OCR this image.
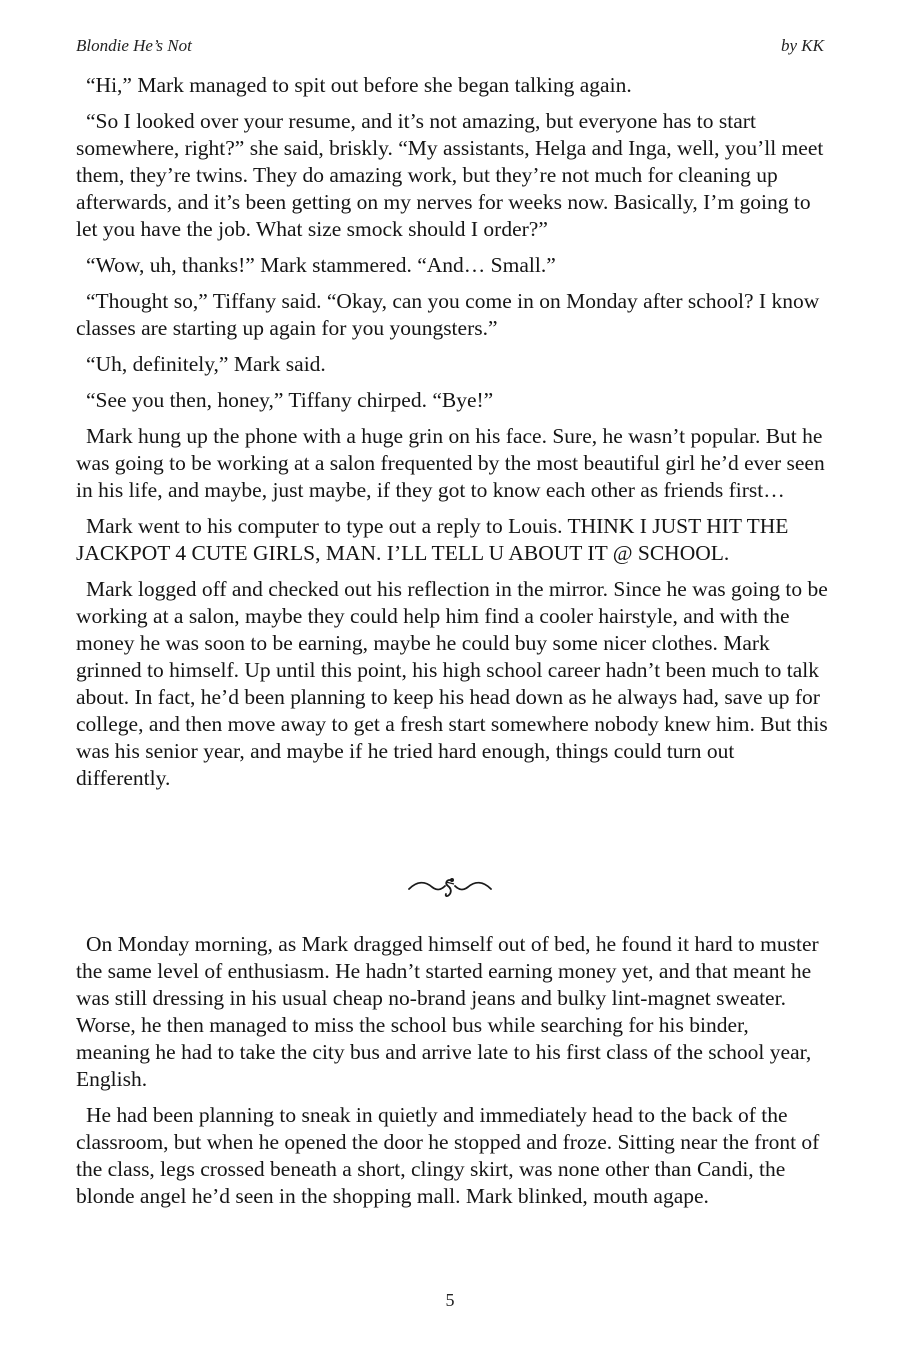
Blondie He’s Not	by KK

“Hi,” Mark managed to spit out before she began talking again.

“So I looked over your resume, and it’s not amazing, but everyone has to start somewhere, right?” she said, briskly. “My assistants, Helga and Inga, well, you’ll meet them, they’re twins. They do amazing work, but they’re not much for cleaning up afterwards, and it’s been getting on my nerves for weeks now. Basically, I’m going to let you have the job. What size smock should I order?”

“Wow, uh, thanks!” Mark stammered. “And… Small.”

“Thought so,” Tiffany said. “Okay, can you come in on Monday after school? I know classes are starting up again for you youngsters.”

“Uh, definitely,” Mark said.

“See you then, honey,” Tiffany chirped. “Bye!”

Mark hung up the phone with a huge grin on his face. Sure, he wasn’t popular. But he was going to be working at a salon frequented by the most beautiful girl he’d ever seen in his life, and maybe, just maybe, if they got to know each other as friends first…

Mark went to his computer to type out a reply to Louis. THINK I JUST HIT THE JACKPOT 4 CUTE GIRLS, MAN. I’LL TELL U ABOUT IT @ SCHOOL.

Mark logged off and checked out his reflection in the mirror. Since he was going to be working at a salon, maybe they could help him find a cooler hairstyle, and with the money he was soon to be earning, maybe he could buy some nicer clothes. Mark grinned to himself. Up until this point, his high school career hadn’t been much to talk about. In fact, he’d been planning to keep his head down as he always had, save up for college, and then move away to get a fresh start somewhere nobody knew him. But this was his senior year, and maybe if he tried hard enough, things could turn out differently.

On Monday morning, as Mark dragged himself out of bed, he found it hard to muster the same level of enthusiasm. He hadn’t started earning money yet, and that meant he was still dressing in his usual cheap no-brand jeans and bulky lint-magnet sweater. Worse, he then managed to miss the school bus while searching for his binder, meaning he had to take the city bus and arrive late to his first class of the school year, English.

He had been planning to sneak in quietly and immediately head to the back of the classroom, but when he opened the door he stopped and froze. Sitting near the front of the class, legs crossed beneath a short, clingy skirt, was none other than Candi, the blonde angel he’d seen in the shopping mall. Mark blinked, mouth agape.

5
